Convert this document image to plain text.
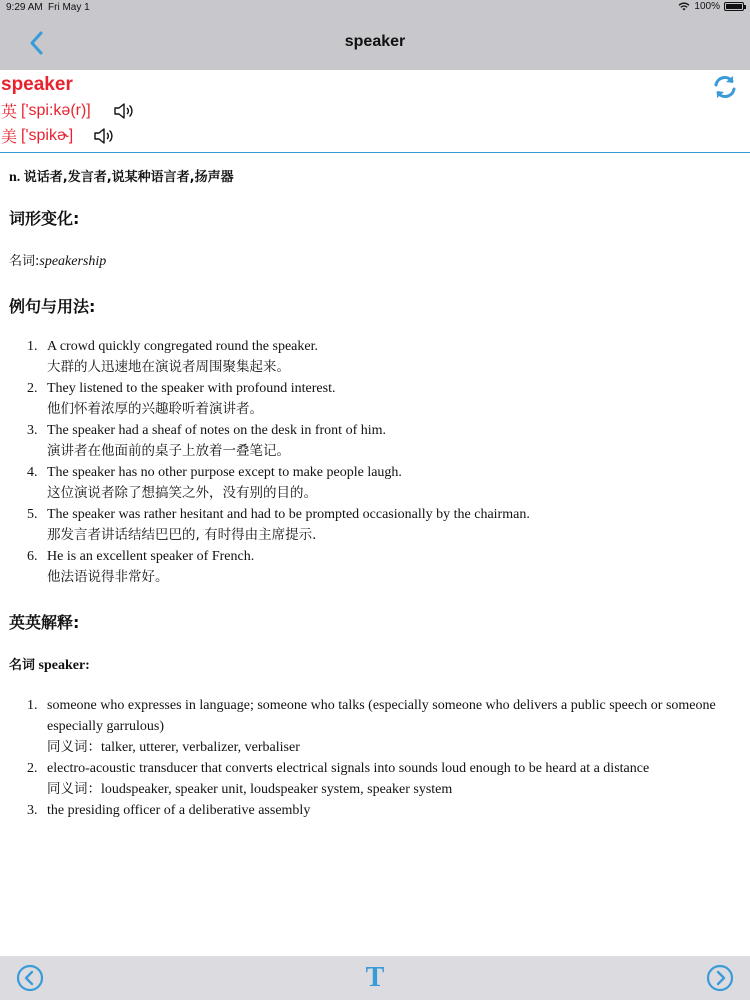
9:29 AM Fri May 1	100%
speaker
speaker
英 ['spi:kə(r)]
美 ['spikɚ]
n. 说话者,发言者,说某种语言者,扬声器
词形变化:
名词:speakership
例句与用法:
1. A crowd quickly congregated round the speaker.
大群的人迅速地在演说者周围聚集起来。
2. They listened to the speaker with profound interest.
他们怀着浓厚的兴趣聆听着演讲者。
3. The speaker had a sheaf of notes on the desk in front of him.
演讲者在他面前的桌子上放着一叠笔记。
4. The speaker has no other purpose except to make people laugh.
这位演说者除了想搞笑之外，没有别的目的。
5. The speaker was rather hesitant and had to be prompted occasionally by the chairman.
那发言者讲话结结巴巴的, 有时得由主席提示.
6. He is an excellent speaker of French.
他法语说得非常好。
英英解释:
名词 speaker:
1. someone who expresses in language; someone who talks (especially someone who delivers a public speech or someone especially garrulous)
同义词：talker, utterer, verbalizer, verbaliser
2. electro-acoustic transducer that converts electrical signals into sounds loud enough to be heard at a distance
同义词：loudspeaker, speaker unit, loudspeaker system, speaker system
3. the presiding officer of a deliberative assembly
T
